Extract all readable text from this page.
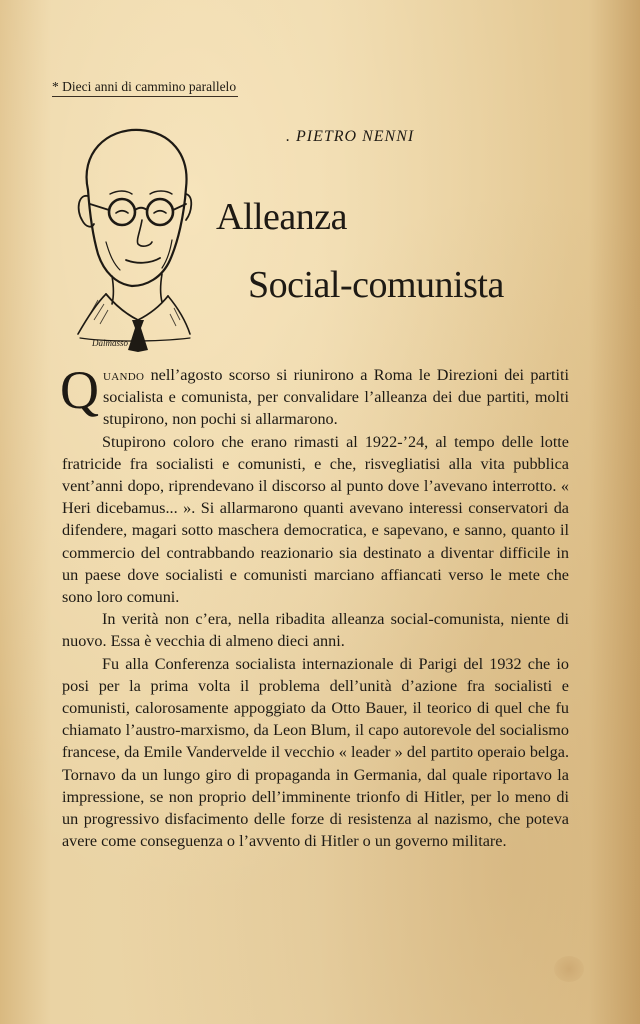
* Dieci anni di cammino parallelo
. PIETRO NENNI
Dalmasso
Alleanza
Social-comunista

Quando nell’agosto scorso si riunirono a Roma le Direzioni dei partiti socialista e comunista, per convalidare l’alleanza dei due partiti, molti stupirono, non pochi si allarmarono.

Stupirono coloro che erano rimasti al 1922-’24, al tempo delle lotte fratricide fra socialisti e comunisti, e che, risvegliatisi alla vita pubblica vent’anni dopo, riprendevano il discorso al punto dove l’avevano interrotto. « Heri dicebamus... ». Si allarmarono quanti avevano interessi conservatori da difendere, magari sotto maschera democratica, e sapevano, e sanno, quanto il commercio del contrabbando reazionario sia destinato a diventar difficile in un paese dove socialisti e comunisti marciano affiancati verso le mete che sono loro comuni.

In verità non c’era, nella ribadita alleanza social-comunista, niente di nuovo. Essa è vecchia di almeno dieci anni.

Fu alla Conferenza socialista internazionale di Parigi del 1932 che io posi per la prima volta il problema dell’unità d’azione fra socialisti e comunisti, calorosamente appoggiato da Otto Bauer, il teorico di quel che fu chiamato l’austro-marxismo, da Leon Blum, il capo autorevole del socialismo francese, da Emile Vandervelde il vecchio « leader » del partito operaio belga. Tornavo da un lungo giro di propaganda in Germania, dal quale riportavo la impressione, se non proprio dell’imminente trionfo di Hitler, per lo meno di un progressivo disfacimento delle forze di resistenza al nazismo, che poteva avere come conseguenza o l’avvento di Hitler o un governo militare.
